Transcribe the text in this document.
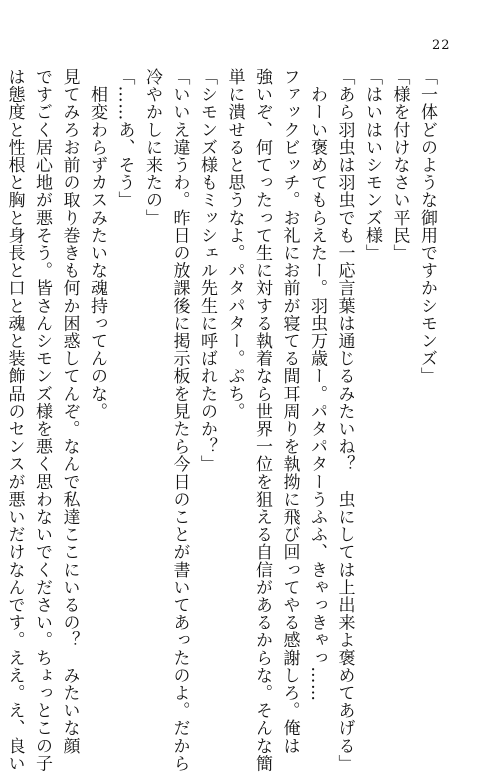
22
「一体どのような御用ですかシモンズ」
「様を付けなさい平民」
「はいはいシモンズ様」
「あら羽虫は羽虫でも一応言葉は通じるみたいね？　虫にしては上出来よ褒めてあげる」
わーい褒めてもらえたー。羽虫万歳ー。パタパターうふふ、きゃっきゃっ……
ファックビッチ。お礼にお前が寝てる間耳周りを執拗に飛び回ってやる感謝しろ。俺は
強いぞ、何てったって生に対する執着なら世界一位を狙える自信があるからな。そんな簡
単に潰せると思うなよ。パタパター。ぷち。
「シモンズ様もミッシェル先生に呼ばれたのか？」
「いいえ違うわ。昨日の放課後に掲示板を見たら今日のことが書いてあったのよ。だから
冷やかしに来たの」
「……あ、そう」
相変わらずカスみたいな魂持ってんのな。
見てみろお前の取り巻きも何か困惑してんぞ。なんで私達ここにいるの？　みたいな顔
ですごく居心地が悪そう。皆さんシモンズ様を悪く思わないでください。ちょっとこの子
は態度と性根と胸と身長と口と魂と装飾品のセンスが悪いだけなんです。ええ。え、良い
